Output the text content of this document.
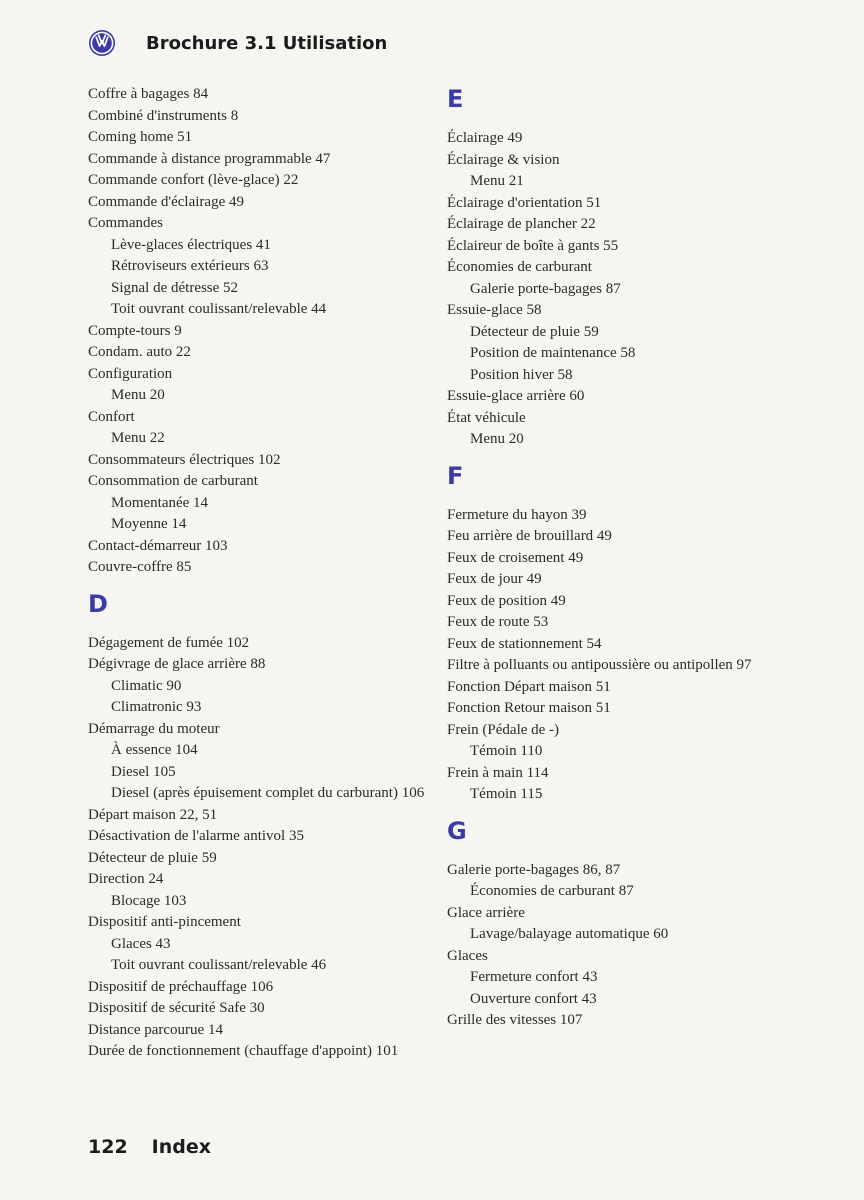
Brochure 3.1 Utilisation
Coffre à bagages 84
Combiné d'instruments 8
Coming home 51
Commande à distance programmable 47
Commande confort (lève-glace) 22
Commande d'éclairage 49
Commandes
Lève-glaces électriques 41
Rétroviseurs extérieurs 63
Signal de détresse 52
Toit ouvrant coulissant/relevable 44
Compte-tours 9
Condam. auto 22
Configuration
Menu 20
Confort
Menu 22
Consommateurs électriques 102
Consommation de carburant
Momentanée 14
Moyenne 14
Contact-démarreur 103
Couvre-coffre 85
D
Dégagement de fumée 102
Dégivrage de glace arrière 88
Climatic 90
Climatronic 93
Démarrage du moteur
À essence 104
Diesel 105
Diesel (après épuisement complet du carburant) 106
Départ maison 22, 51
Désactivation de l'alarme antivol 35
Détecteur de pluie 59
Direction 24
Blocage 103
Dispositif anti-pincement
Glaces 43
Toit ouvrant coulissant/relevable 46
Dispositif de préchauffage 106
Dispositif de sécurité Safe 30
Distance parcourue 14
Durée de fonctionnement (chauffage d'appoint) 101
E
Éclairage 49
Éclairage & vision
Menu 21
Éclairage d'orientation 51
Éclairage de plancher 22
Éclaireur de boîte à gants 55
Économies de carburant
Galerie porte-bagages 87
Essuie-glace 58
Détecteur de pluie 59
Position de maintenance 58
Position hiver 58
Essuie-glace arrière 60
État véhicule
Menu 20
F
Fermeture du hayon 39
Feu arrière de brouillard 49
Feux de croisement 49
Feux de jour 49
Feux de position 49
Feux de route 53
Feux de stationnement 54
Filtre à polluants ou antipoussière ou antipollen 97
Fonction Départ maison 51
Fonction Retour maison 51
Frein (Pédale de -)
Témoin 110
Frein à main 114
Témoin 115
G
Galerie porte-bagages 86, 87
Économies de carburant 87
Glace arrière
Lavage/balayage automatique 60
Glaces
Fermeture confort 43
Ouverture confort 43
Grille des vitesses 107
122 Index
